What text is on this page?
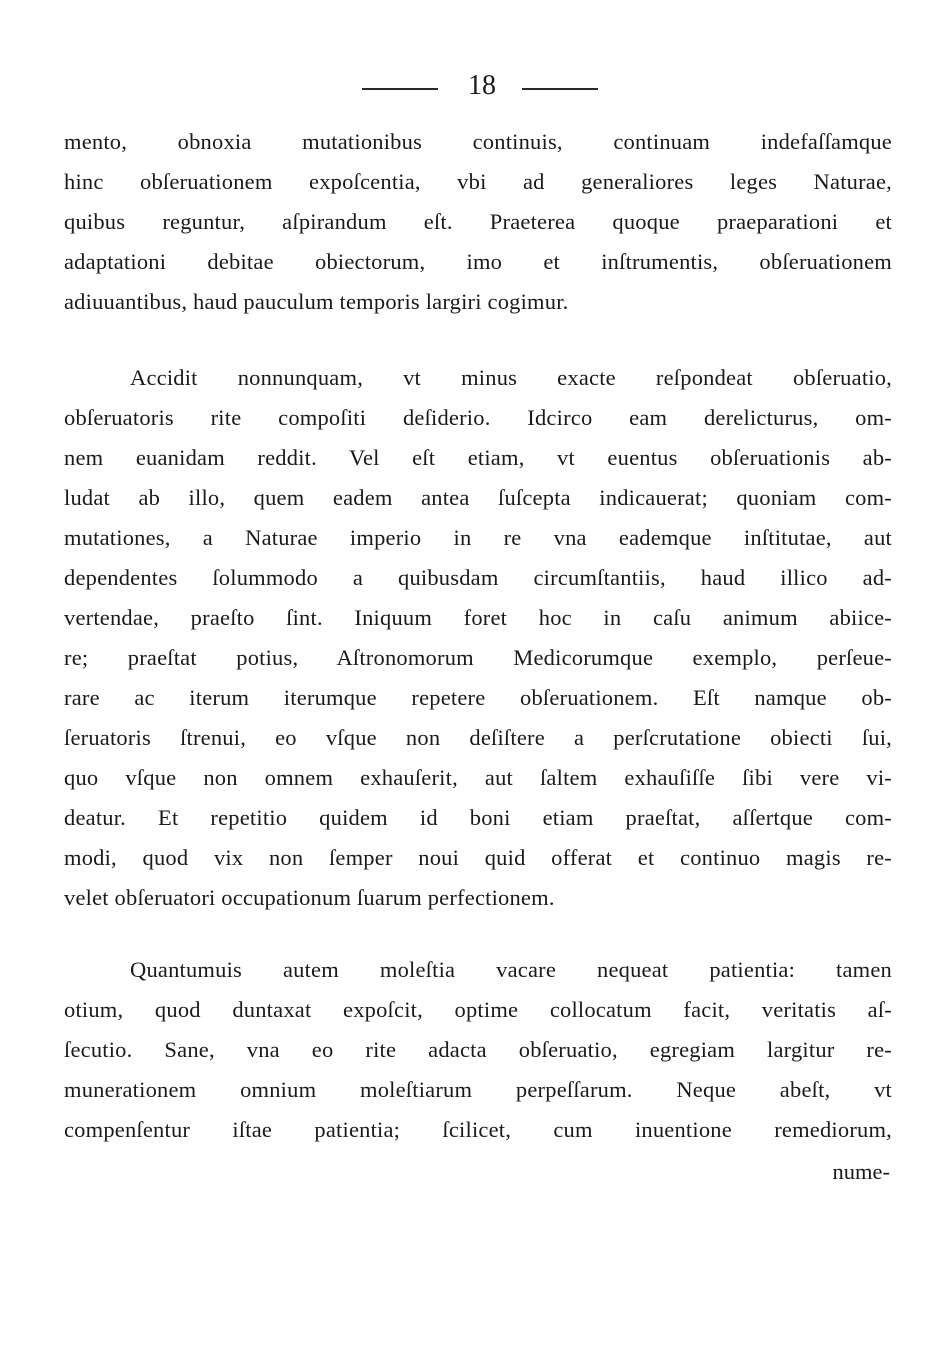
18
mento, obnoxia mutationibus continuis, continuam indefaſſamque
hinc obſeruationem expoſcentia, vbi ad generaliores leges Naturae,
quibus reguntur, aſpirandum eſt. Praeterea quoque praeparationi et
adaptationi debitae obiectorum, imo et inſtrumentis, obſeruationem
adiuuantibus, haud pauculum temporis largiri cogimur.
Accidit nonnunquam, vt minus exacte reſpondeat obſeruatio,
obſeruatoris rite compoſiti deſiderio. Idcirco eam derelicturus, om-
nem euanidam reddit. Vel eſt etiam, vt euentus obſeruationis ab-
ludat ab illo, quem eadem antea ſuſcepta indicauerat; quoniam com-
mutationes, a Naturae imperio in re vna eademque inſtitutae, aut
dependentes ſolummodo a quibusdam circumſtantiis, haud illico ad-
vertendae, praeſto ſint. Iniquum foret hoc in caſu animum abiice-
re; praeſtat potius, Aſtronomorum Medicorumque exemplo, perſeue-
rare ac iterum iterumque repetere obſeruationem. Eſt namque ob-
ſeruatoris ſtrenui, eo vſque non deſiſtere a perſcrutatione obiecti ſui,
quo vſque non omnem exhauſerit, aut ſaltem exhauſiſſe ſibi vere vi-
deatur. Et repetitio quidem id boni etiam praeſtat, aſſertque com-
modi, quod vix non ſemper noui quid offerat et continuo magis re-
velet obſeruatori occupationum ſuarum perfectionem.
Quantumuis autem moleſtia vacare nequeat patientia: tamen
otium, quod duntaxat expoſcit, optime collocatum facit, veritatis aſ-
ſecutio. Sane, vna eo rite adacta obſeruatio, egregiam largitur re-
munerationem omnium moleſtiarum perpeſſarum. Neque abeſt, vt
compenſentur iſtae patientia; ſcilicet, cum inuentione remediorum,
nume-
